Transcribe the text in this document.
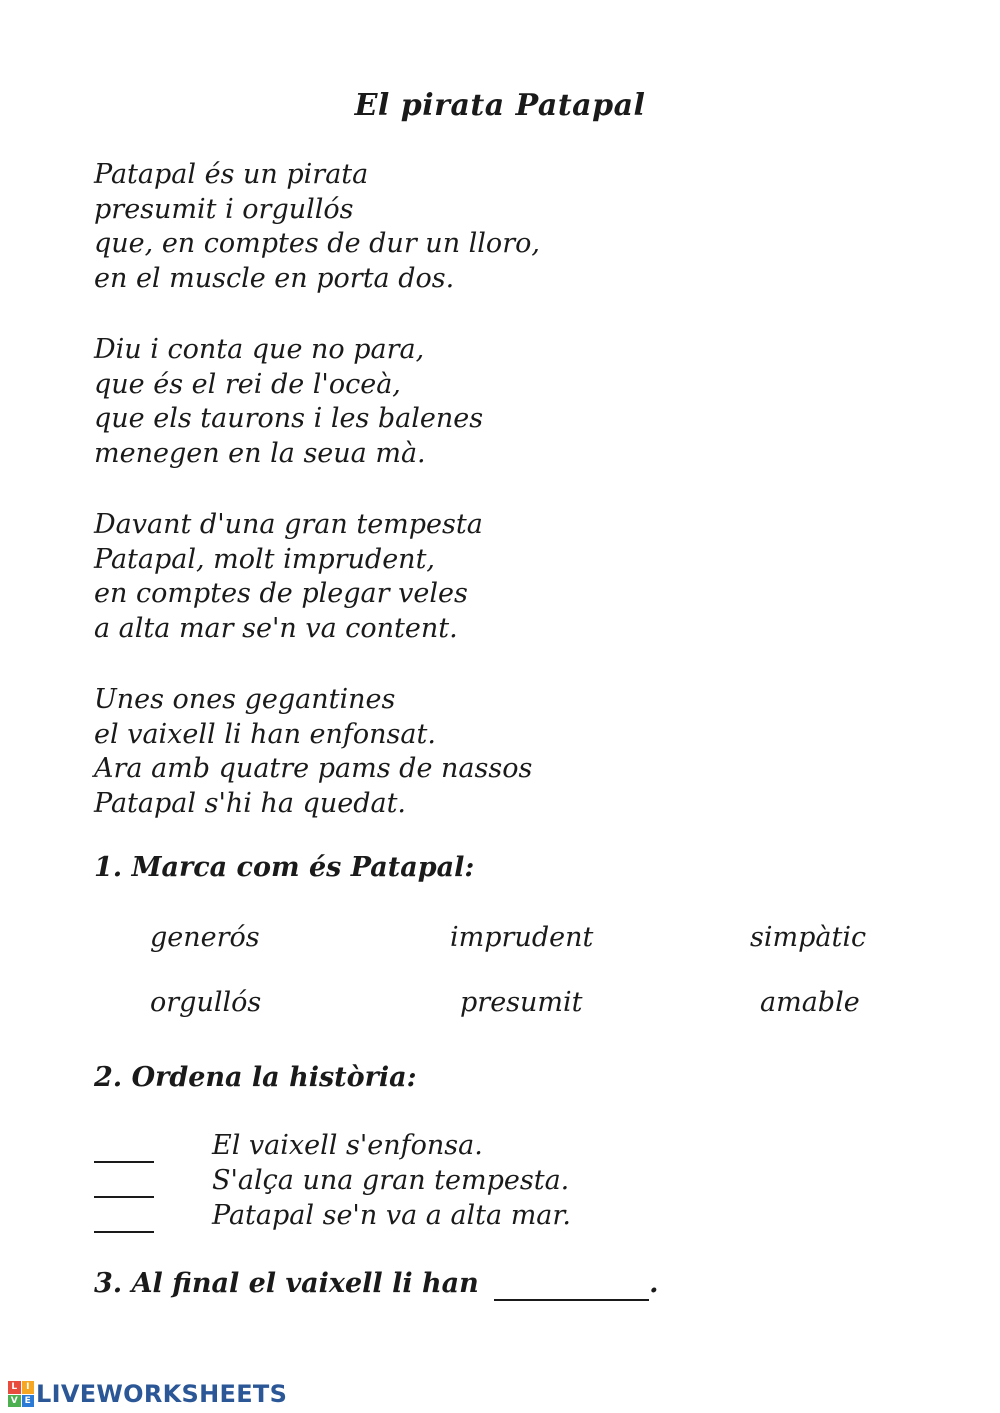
El pirata Patapal
Patapal és un pirata
presumit i orgullós
que, en comptes de dur un lloro,
en el muscle en porta dos.
Diu i conta que no para,
que és el rei de l'oceà,
que els taurons i les balenes
menegen en la seua mà.
Davant d'una gran tempesta
Patapal, molt imprudent,
en comptes de plegar veles
a alta mar se'n va content.
Unes ones gegantines
el vaixell li han enfonsat.
Ara amb quatre pams de nassos
Patapal s'hi ha quedat.
1. Marca com és Patapal:
generós	imprudent	simpàtic
orgullós	presumit	amable
2. Ordena la història:
El vaixell s'enfonsa.
S'alça una gran tempesta.
Patapal se'n va a alta mar.
3. Al final el vaixell li han	.
L I
V E LIVEWORKSHEETS
